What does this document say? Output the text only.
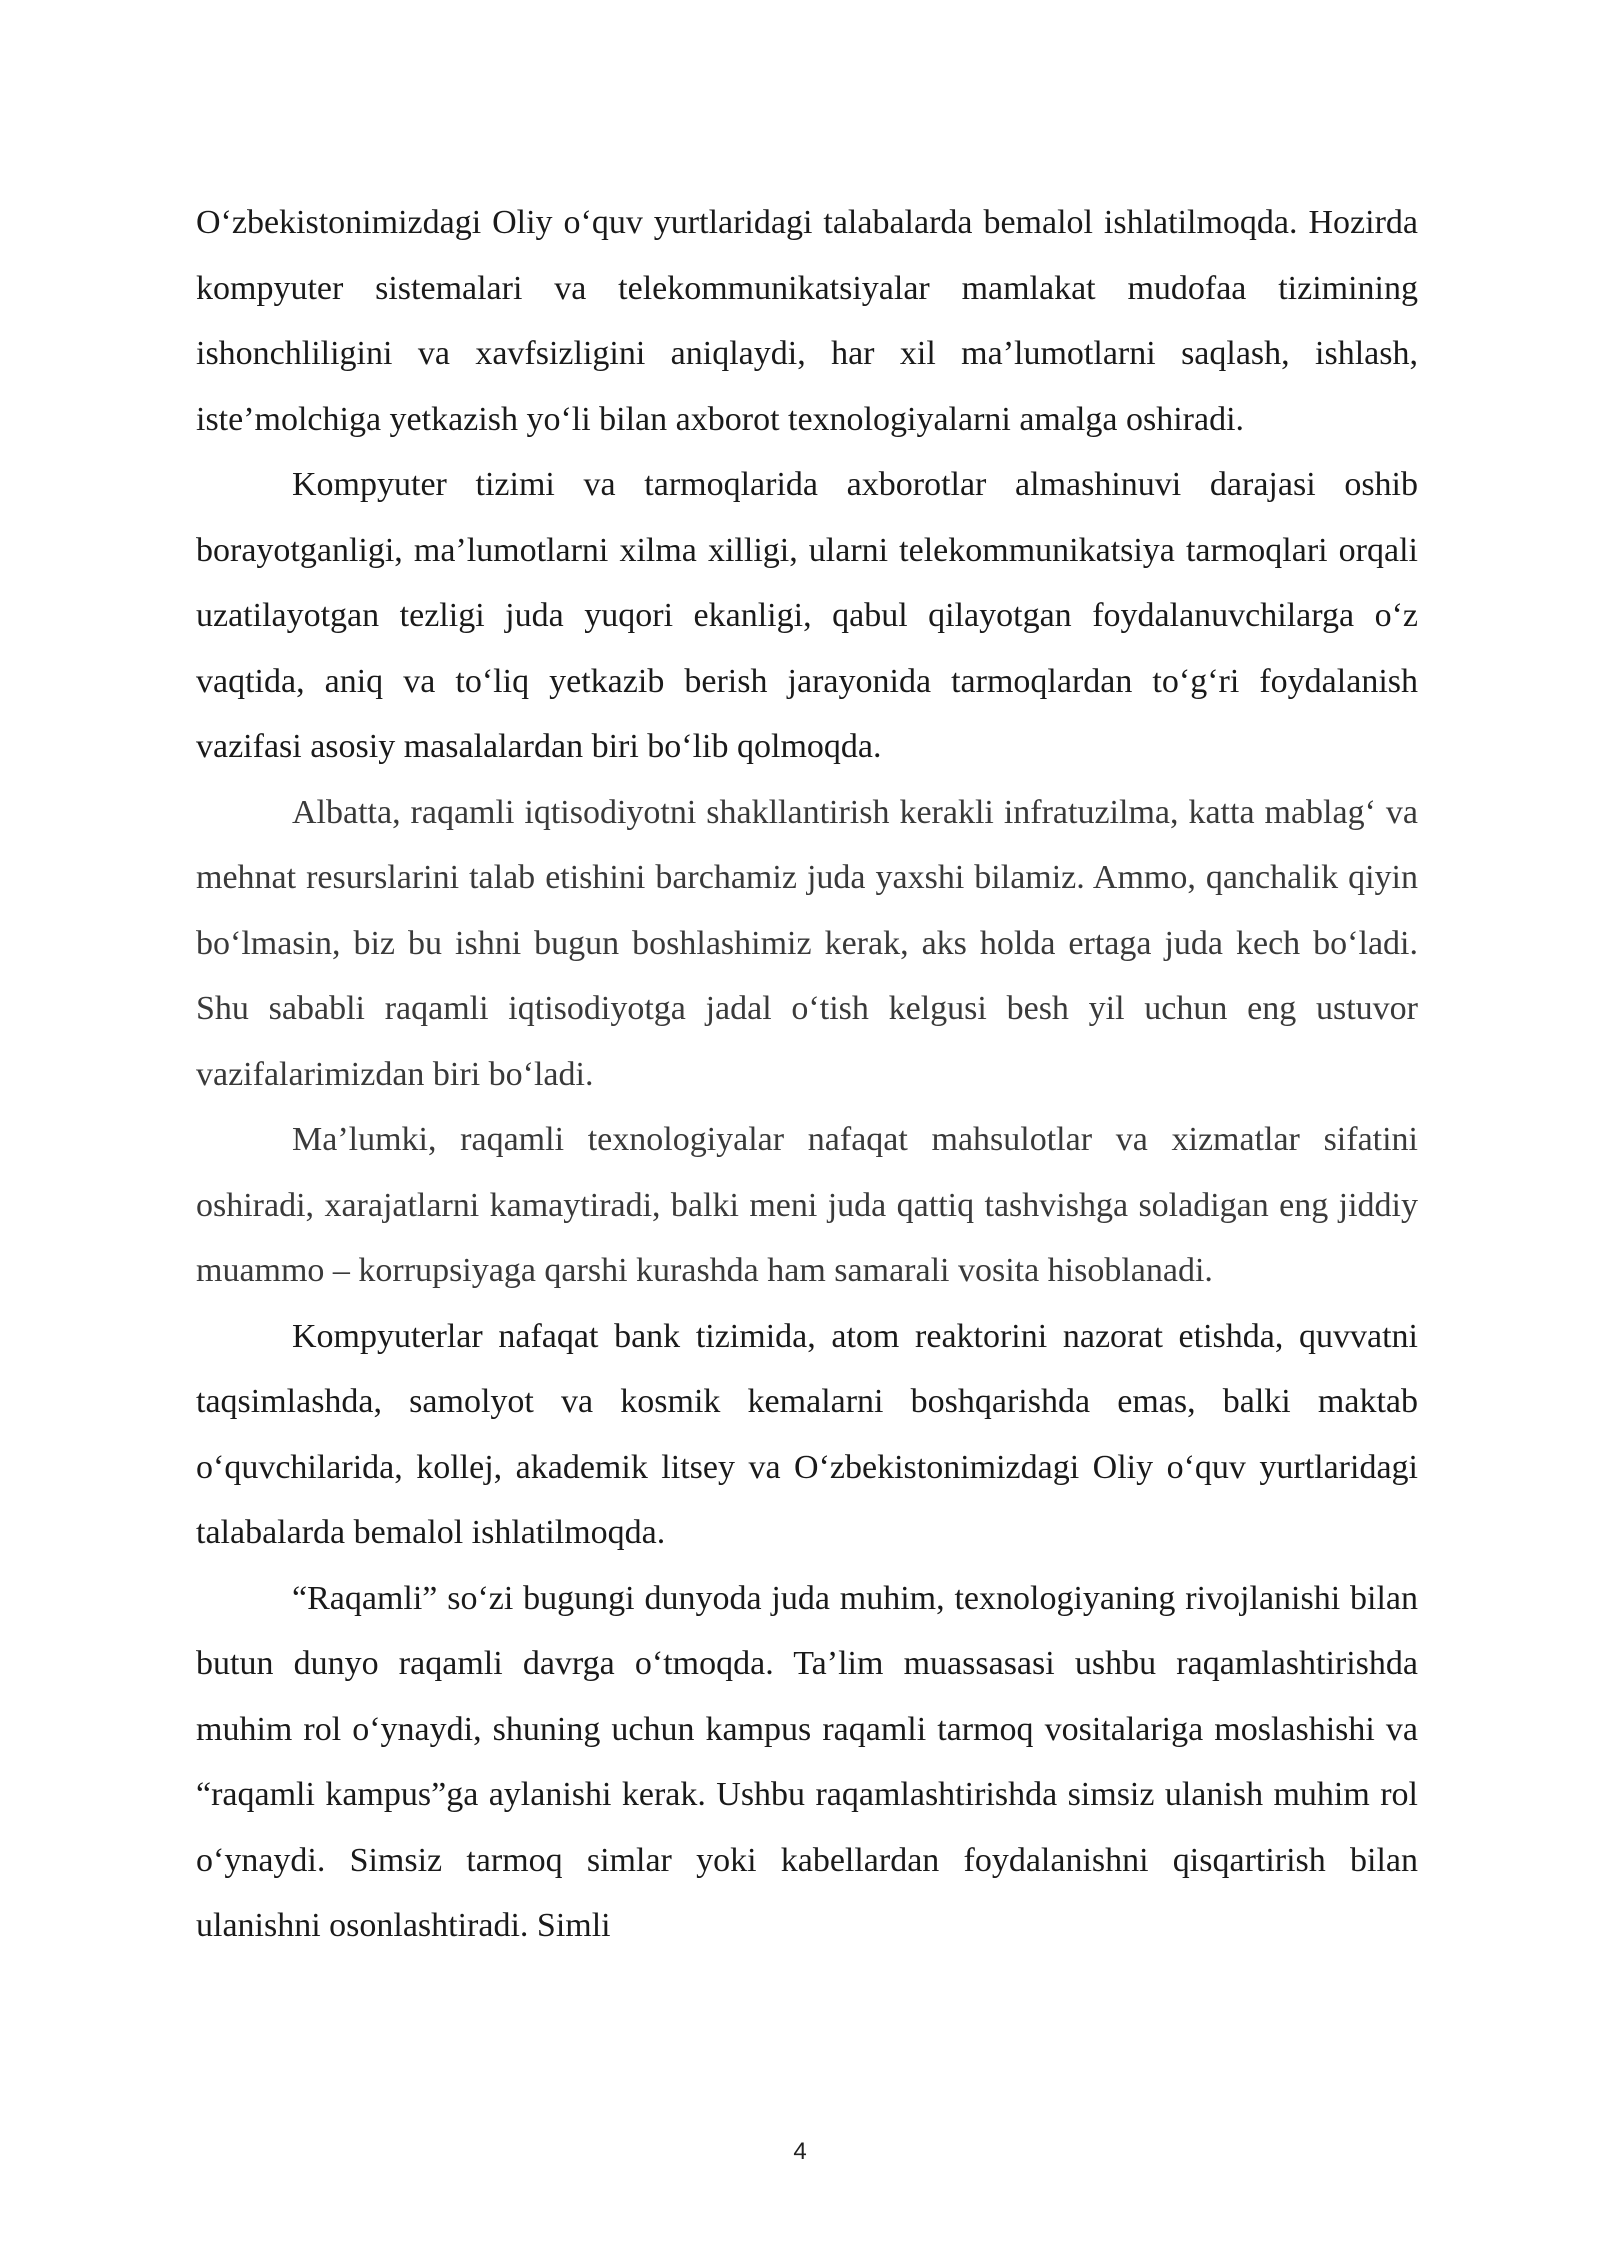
O‘zbekistonimizdagi Oliy o‘quv yurtlaridagi talabalarda bemalol ishlatilmoqda. Hozirda kompyuter sistemalari va telekommunikatsiyalar mamlakat mudofaa tizimining ishonchliligini va xavfsizligini aniqlaydi, har xil ma’lumotlarni saqlash, ishlash, iste’molchiga yetkazish yo‘li bilan axborot texnologiyalarni amalga oshiradi.

Kompyuter tizimi va tarmoqlarida axborotlar almashinuvi darajasi oshib borayotganligi, ma’lumotlarni xilma xilligi, ularni telekommunikatsiya tarmoqlari orqali uzatilayotgan tezligi juda yuqori ekanligi, qabul qilayotgan foydalanuvchilarga o‘z vaqtida, aniq va to‘liq yetkazib berish jarayonida tarmoqlardan to‘g‘ri foydalanish vazifasi asosiy masalalardan biri bo‘lib qolmoqda.

Albatta, raqamli iqtisodiyotni shakllantirish kerakli infratuzilma, katta mablag‘ va mehnat resurslarini talab etishini barchamiz juda yaxshi bilamiz. Ammo, qanchalik qiyin bo‘lmasin, biz bu ishni bugun boshlashimiz kerak, aks holda ertaga juda kech bo‘ladi. Shu sababli raqamli iqtisodiyotga jadal o‘tish kelgusi besh yil uchun eng ustuvor vazifalarimizdan biri bo‘ladi.

Ma’lumki, raqamli texnologiyalar nafaqat mahsulotlar va xizmatlar sifatini oshiradi, xarajatlarni kamaytiradi, balki meni juda qattiq tashvishga soladigan eng jiddiy muammo – korrupsiyaga qarshi kurashda ham samarali vosita hisoblanadi.

Kompyuterlar nafaqat bank tizimida, atom reaktorini nazorat etishda, quvvatni taqsimlashda, samolyot va kosmik kemalarni boshqarishda emas, balki maktab o‘quvchilarida, kollej, akademik litsey va O‘zbekistonimizdagi Oliy o‘quv yurtlaridagi talabalarda bemalol ishlatilmoqda.

“Raqamli” so‘zi bugungi dunyoda juda muhim, texnologiyaning rivojlanishi bilan butun dunyo raqamli davrga o‘tmoqda. Ta’lim muassasasi ushbu raqamlashtirishda muhim rol o‘ynaydi, shuning uchun kampus raqamli tarmoq vositalariga moslashishi va “raqamli kampus”ga aylanishi kerak. Ushbu raqamlashtirishda simsiz ulanish muhim rol o‘ynaydi. Simsiz tarmoq simlar yoki kabellardan foydalanishni qisqartirish bilan ulanishni osonlashtiradi. Simli

4
